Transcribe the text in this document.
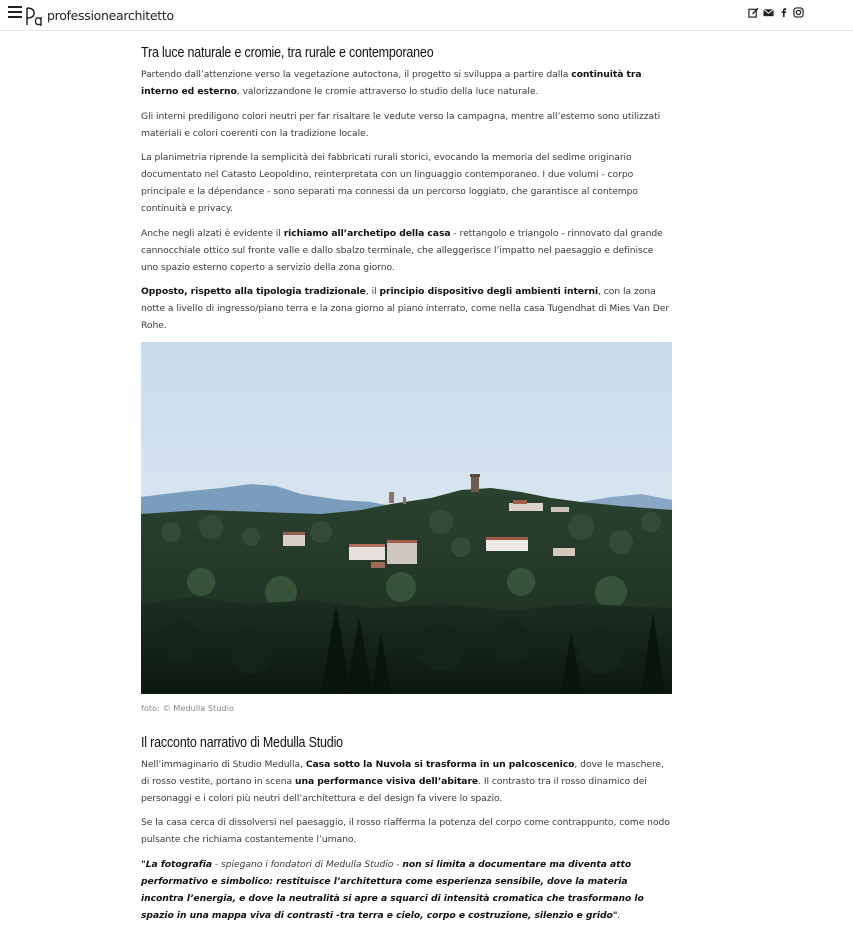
professionearchitetto
Tra luce naturale e cromie, tra rurale e contemporaneo

Partendo dall’attenzione verso la vegetazione autoctona, il progetto si sviluppa a partire dalla continuità tra interno ed esterno, valorizzandone le cromie attraverso lo studio della luce naturale.

Gli interni prediligono colori neutri per far risaltare le vedute verso la campagna, mentre all’esterno sono utilizzati materiali e colori coerenti con la tradizione locale.

La planimetria riprende la semplicità dei fabbricati rurali storici, evocando la memoria del sedime originario documentato nel Catasto Leopoldino, reinterpretata con un linguaggio contemporaneo. I due volumi - corpo principale e la dépendance - sono separati ma connessi da un percorso loggiato, che garantisce al contempo continuità e privacy.

Anche negli alzati è evidente il richiamo all’archetipo della casa - rettangolo e triangolo - rinnovato dal grande cannocchiale ottico sul fronte valle e dallo sbalzo terminale, che alleggerisce l’impatto nel paesaggio e definisce uno spazio esterno coperto a servizio della zona giorno.

Opposto, rispetto alla tipologia tradizionale, il principio dispositivo degli ambienti interni, con la zona notte a livello di ingresso/piano terra e la zona giorno al piano interrato, come nella casa Tugendhat di Mies Van Der Rohe.

foto: © Medulla Studio
Il racconto narrativo di Medulla Studio

Nell’immaginario di Studio Medulla, Casa sotto la Nuvola si trasforma in un palcoscenico, dove le maschere, di rosso vestite, portano in scena una performance visiva dell’abitare. Il contrasto tra il rosso dinamico dei personaggi e i colori più neutri dell’architettura e del design fa vivere lo spazio.

Se la casa cerca di dissolversi nel paesaggio, il rosso riafferma la potenza del corpo come contrappunto, come nodo pulsante che richiama costantemente l’umano.

"La fotografia - spiegano i fondatori di Medulla Studio - non si limita a documentare ma diventa atto performativo e simbolico: restituisce l’architettura come esperienza sensibile, dove la materia incontra l’energia, e dove la neutralità si apre a squarci di intensità cromatica che trasformano lo spazio in una mappa viva di contrasti -tra terra e cielo, corpo e costruzione, silenzio e grido".
